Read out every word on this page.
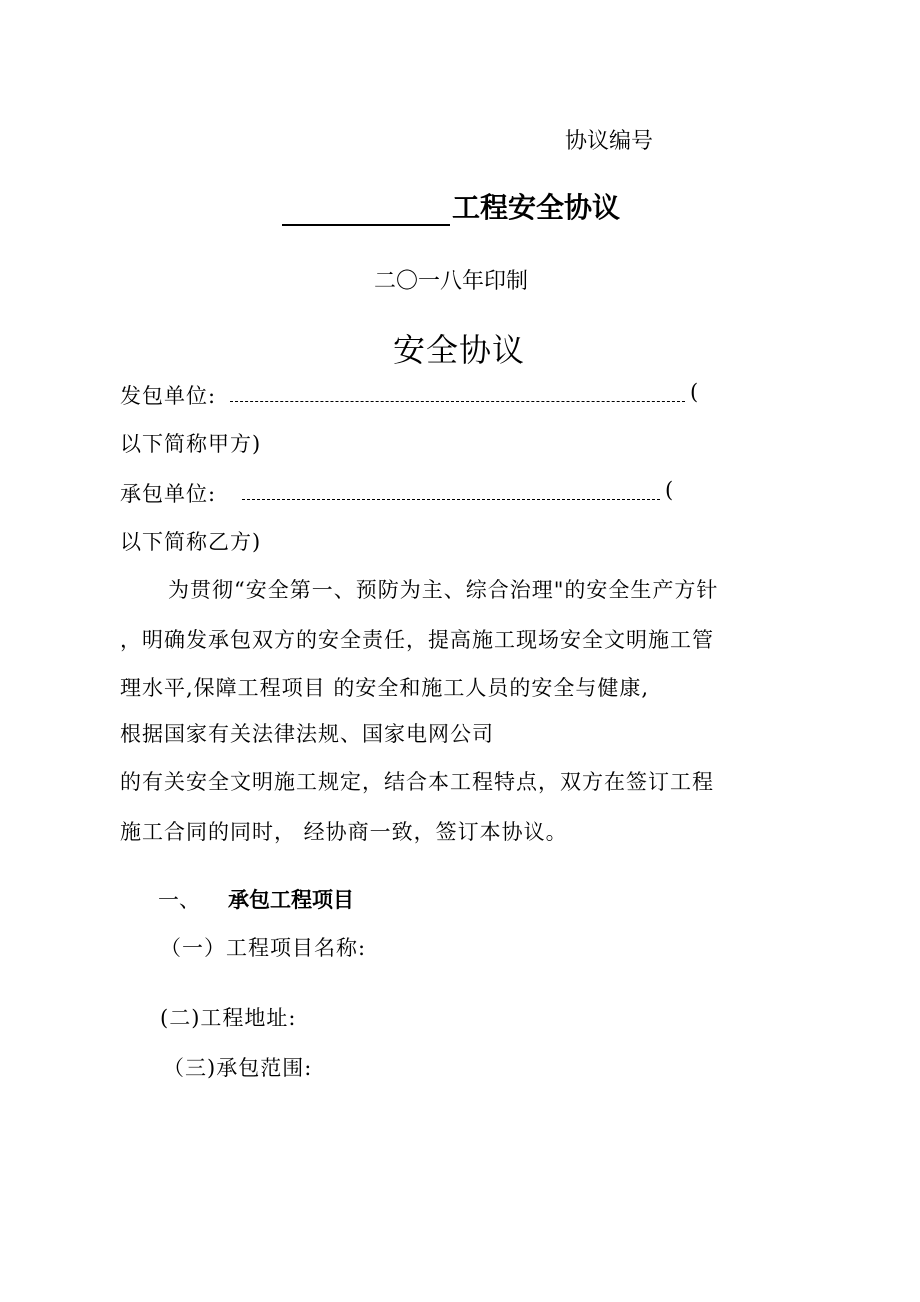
协议编号
工程安全协议
二〇一八年印制
安全协议
发包单位:	(
以下简称甲方)
承包单位:	(
以下简称乙方)
为贯彻“安全第一、预防为主、综合治理"的安全生产方针
，明确发承包双方的安全责任，提高施工现场安全文明施工管
理水平,保障工程项目 的安全和施工人员的安全与健康,
根据国家有关法律法规、国家电网公司
的有关安全文明施工规定，结合本工程特点，双方在签订工程
施工合同的同时， 经协商一致，签订本协议。
一、 承包工程项目
（一）工程项目名称:
(二)工程地址:
（三)承包范围:
